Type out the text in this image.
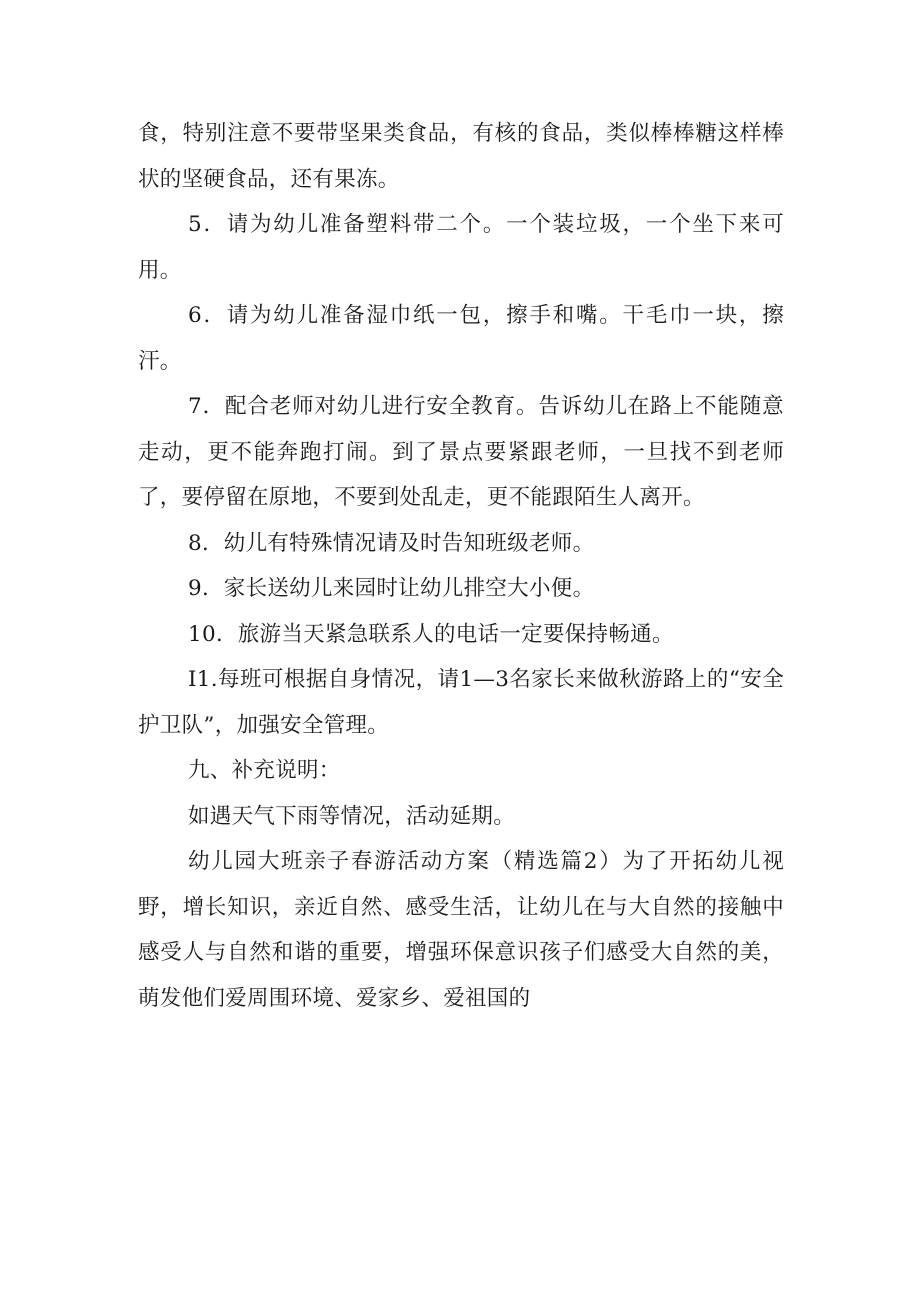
食，特别注意不要带坚果类食品，有核的食品，类似棒棒糖这样棒状的坚硬食品，还有果冻。

5．请为幼儿准备塑料带二个。一个装垃圾，一个坐下来可用。

6．请为幼儿准备湿巾纸一包，擦手和嘴。干毛巾一块，擦汗。

7．配合老师对幼儿进行安全教育。告诉幼儿在路上不能随意走动，更不能奔跑打闹。到了景点要紧跟老师，一旦找不到老师了，要停留在原地，不要到处乱走，更不能跟陌生人离开。

8．幼儿有特殊情况请及时告知班级老师。

9．家长送幼儿来园时让幼儿排空大小便。

10．旅游当天紧急联系人的电话一定要保持畅通。

I1.每班可根据自身情况，请1—3名家长来做秋游路上的“安全护卫队”，加强安全管理。

九、补充说明：

如遇天气下雨等情况，活动延期。

幼儿园大班亲子春游活动方案（精选篇2）为了开拓幼儿视野，增长知识，亲近自然、感受生活，让幼儿在与大自然的接触中感受人与自然和谐的重要，增强环保意识孩子们感受大自然的美，萌发他们爱周围环境、爱家乡、爱祖国的
